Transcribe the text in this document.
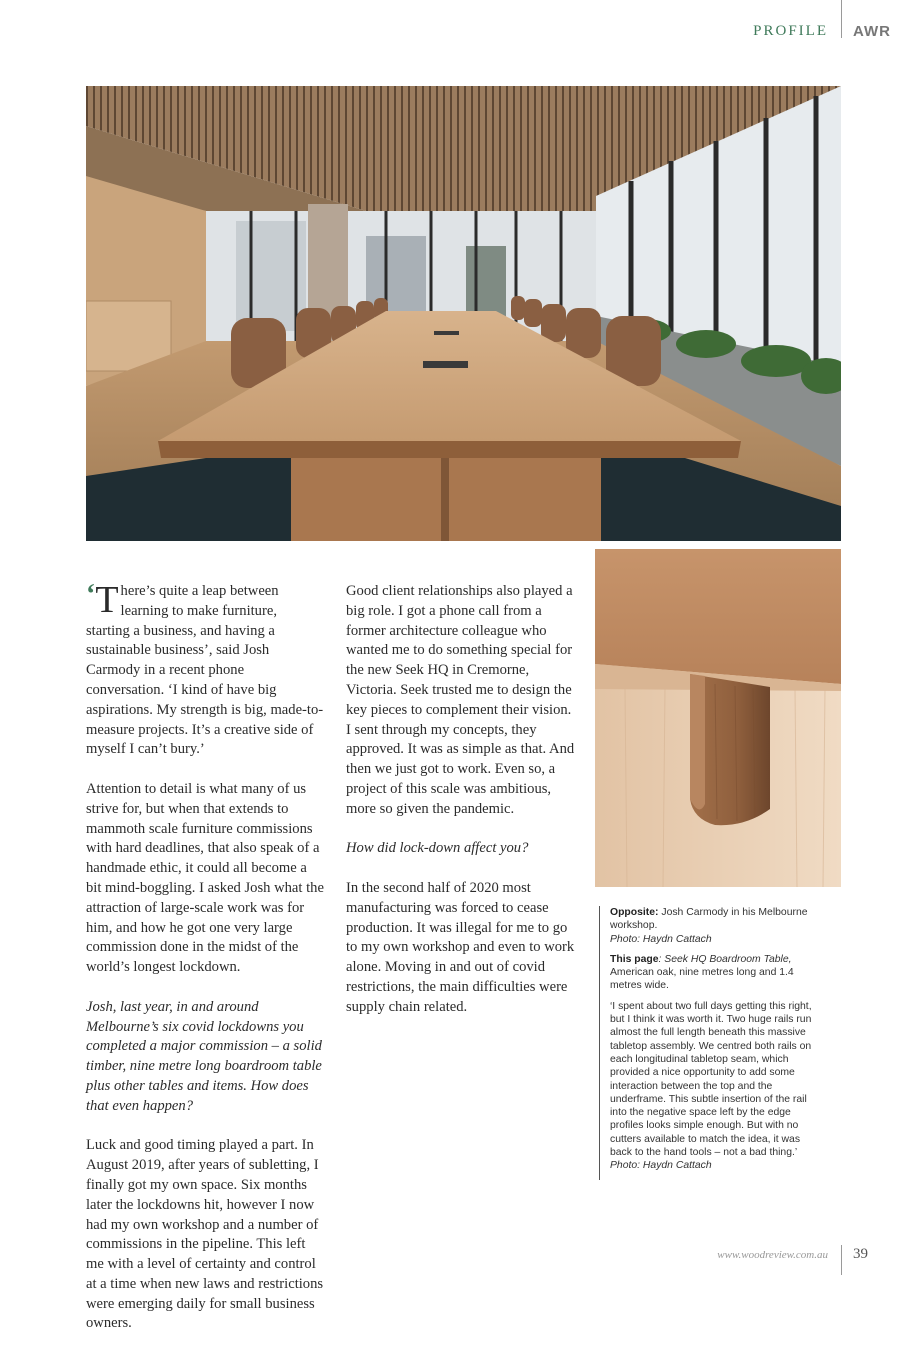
PROFILE AWR

‘ T here’s quite a leap between learning to make furniture, starting a business, and having a sustainable business’, said Josh Carmody in a recent phone conversation. ‘I kind of have big aspirations. My strength is big, made-to-measure projects. It’s a creative side of myself I can’t bury.’

Attention to detail is what many of us strive for, but when that extends to mammoth scale furniture commissions with hard deadlines, that also speak of a handmade ethic, it could all become a bit mind-boggling. I asked Josh what the attraction of large-scale work was for him, and how he got one very large commission done in the midst of the world’s longest lockdown.

Josh, last year, in and around Melbourne’s six covid lockdowns you completed a major commission – a solid timber, nine metre long boardroom table plus other tables and items. How does that even happen?

Luck and good timing played a part. In August 2019, after years of subletting, I finally got my own space. Six months later the lockdowns hit, however I now had my own workshop and a number of commissions in the pipeline. This left me with a level of certainty and control at a time when new laws and restrictions were emerging daily for small business owners.

Good client relationships also played a big role. I got a phone call from a former architecture colleague who wanted me to do something special for the new Seek HQ in Cremorne, Victoria. Seek trusted me to design the key pieces to complement their vision. I sent through my concepts, they approved. It was as simple as that. And then we just got to work. Even so, a project of this scale was ambitious, more so given the pandemic.

How did lock-down affect you?

In the second half of 2020 most manufacturing was forced to cease production. It was illegal for me to go to my own workshop and even to work alone. Moving in and out of covid restrictions, the main difficulties were supply chain related.

Opposite: Josh Carmody in his Melbourne workshop.
Photo: Haydn Cattach

This page: Seek HQ Boardroom Table, American oak, nine metres long and 1.4 metres wide.

‘I spent about two full days getting this right, but I think it was worth it. Two huge rails run almost the full length beneath this massive tabletop assembly. We centred both rails on each longitudinal tabletop seam, which provided a nice opportunity to add some interaction between the top and the underframe. This subtle insertion of the rail into the negative space left by the edge profiles looks simple enough. But with no cutters available to match the idea, it was back to the hand tools – not a bad thing.’ Photo: Haydn Cattach

www.woodreview.com.au 39
